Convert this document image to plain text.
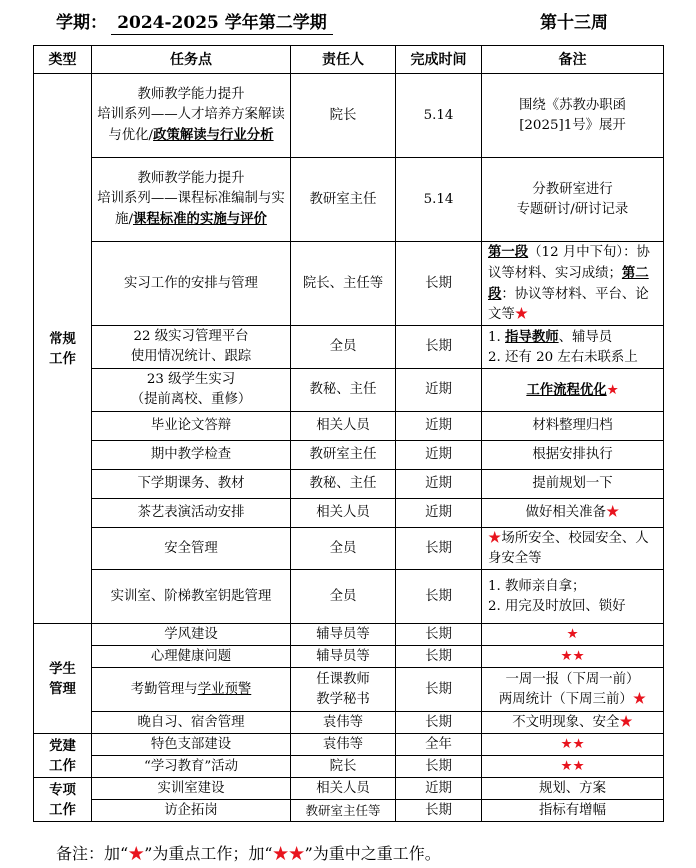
学期： 2024-2025 学年第二学期	第十三周
类型	任务点	责任人	完成时间	备注

常规工作	教师教学能力提升
培训系列——人才培养方案解读与优化/政策解读与行业分析	院长	5.14	围绕《苏教办职函[2025]1号》展开

	教师教学能力提升
培训系列——课程标准编制与实施/课程标准的实施与评价	教研室主任	5.14	分教研室进行
专题研讨/研讨记录
	实习工作的安排与管理	院长、主任等	长期	第一段（12 月中下旬）：协议等材料、实习成绩；第二段：协议等材料、平台、论文等★
	22 级实习管理平台
使用情况统计、跟踪	全员	长期	1. 指导教师、辅导员
2. 还有 20 左右未联系上
	23 级学生实习
（提前离校、重修）	教秘、主任	近期	工作流程优化★
	毕业论文答辩	相关人员	近期	材料整理归档
	期中教学检查	教研室主任	近期	根据安排执行
	下学期课务、教材	教秘、主任	近期	提前规划一下
	茶艺表演活动安排	相关人员	近期	做好相关准备★
	安全管理	全员	长期	★场所安全、校园安全、人身安全等
	实训室、阶梯教室钥匙管理	全员	长期	1. 教师亲自拿；
2. 用完及时放回、锁好

学生管理	学风建设	辅导员等	长期	★
	心理健康问题	辅导员等	长期	★★
	考勤管理与学业预警	任课教师
教学秘书	长期	一周一报（下周一前）
两周统计（下周三前）★
	晚自习、宿舍管理	袁伟等	长期	不文明现象、安全★

党建工作	特色支部建设	袁伟等	全年	★★
	“学习教育”活动	院长	长期	★★

专项工作	实训室建设	相关人员	近期	规划、方案
	访企拓岗	教研室主任等	长期	指标有增幅
备注：加“★”为重点工作；加“★★”为重中之重工作。
